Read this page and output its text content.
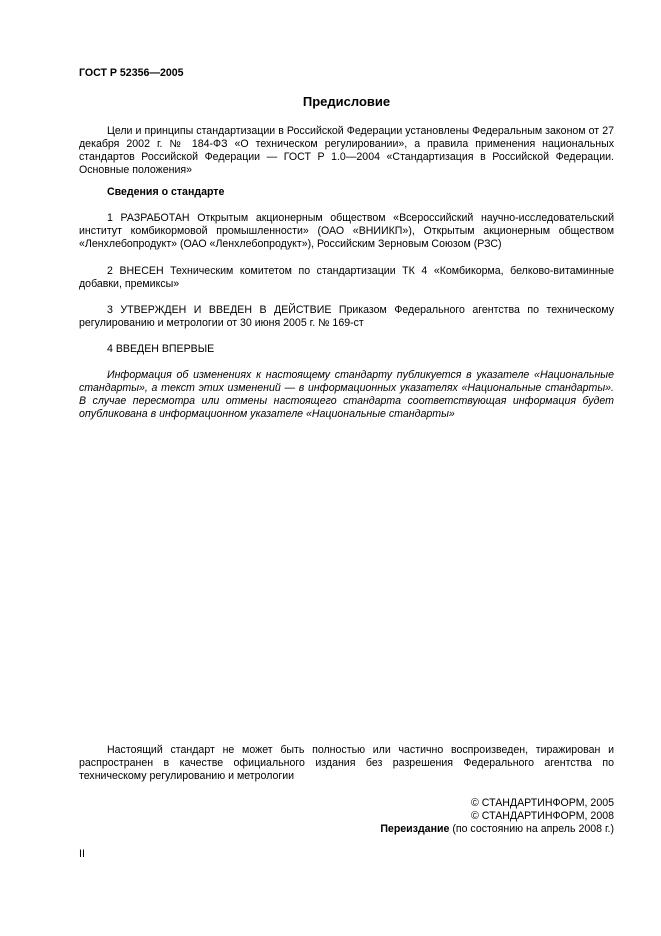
ГОСТ Р 52356—2005
Предисловие

Цели и принципы стандартизации в Российской Федерации установлены Федеральным законом от 27 декабря 2002 г. № 184-ФЗ «О техническом регулировании», а правила применения национальных стандартов Российской Федерации — ГОСТ Р 1.0—2004 «Стандартизация в Российской Федерации. Основные положения»

Сведения о стандарте

1 РАЗРАБОТАН Открытым акционерным обществом «Всероссийский научно-исследовательский институт комбикормовой промышленности» (ОАО «ВНИИКП»), Открытым акционерным обществом «Ленхлебопродукт» (ОАО «Ленхлебопродукт»), Российским Зерновым Союзом (РЗС)

2 ВНЕСЕН Техническим комитетом по стандартизации ТК 4 «Комбикорма, белково-витаминные добавки, премиксы»

3 УТВЕРЖДЕН И ВВЕДЕН В ДЕЙСТВИЕ Приказом Федерального агентства по техническому регулированию и метрологии от 30 июня 2005 г. № 169-ст

4 ВВЕДЕН ВПЕРВЫЕ

Информация об изменениях к настоящему стандарту публикуется в указателе «Национальные стандарты», а текст этих изменений — в информационных указателях «Национальные стандарты». В случае пересмотра или отмены настоящего стандарта соответствующая информация будет опубликована в информационном указателе «Национальные стандарты»

Настоящий стандарт не может быть полностью или частично воспроизведен, тиражирован и распространен в качестве официального издания без разрешения Федерального агентства по техническому регулированию и метрологии

© СТАНДАРТИНФОРМ, 2005
© СТАНДАРТИНФОРМ, 2008
Переиздание (по состоянию на апрель 2008 г.)
II
